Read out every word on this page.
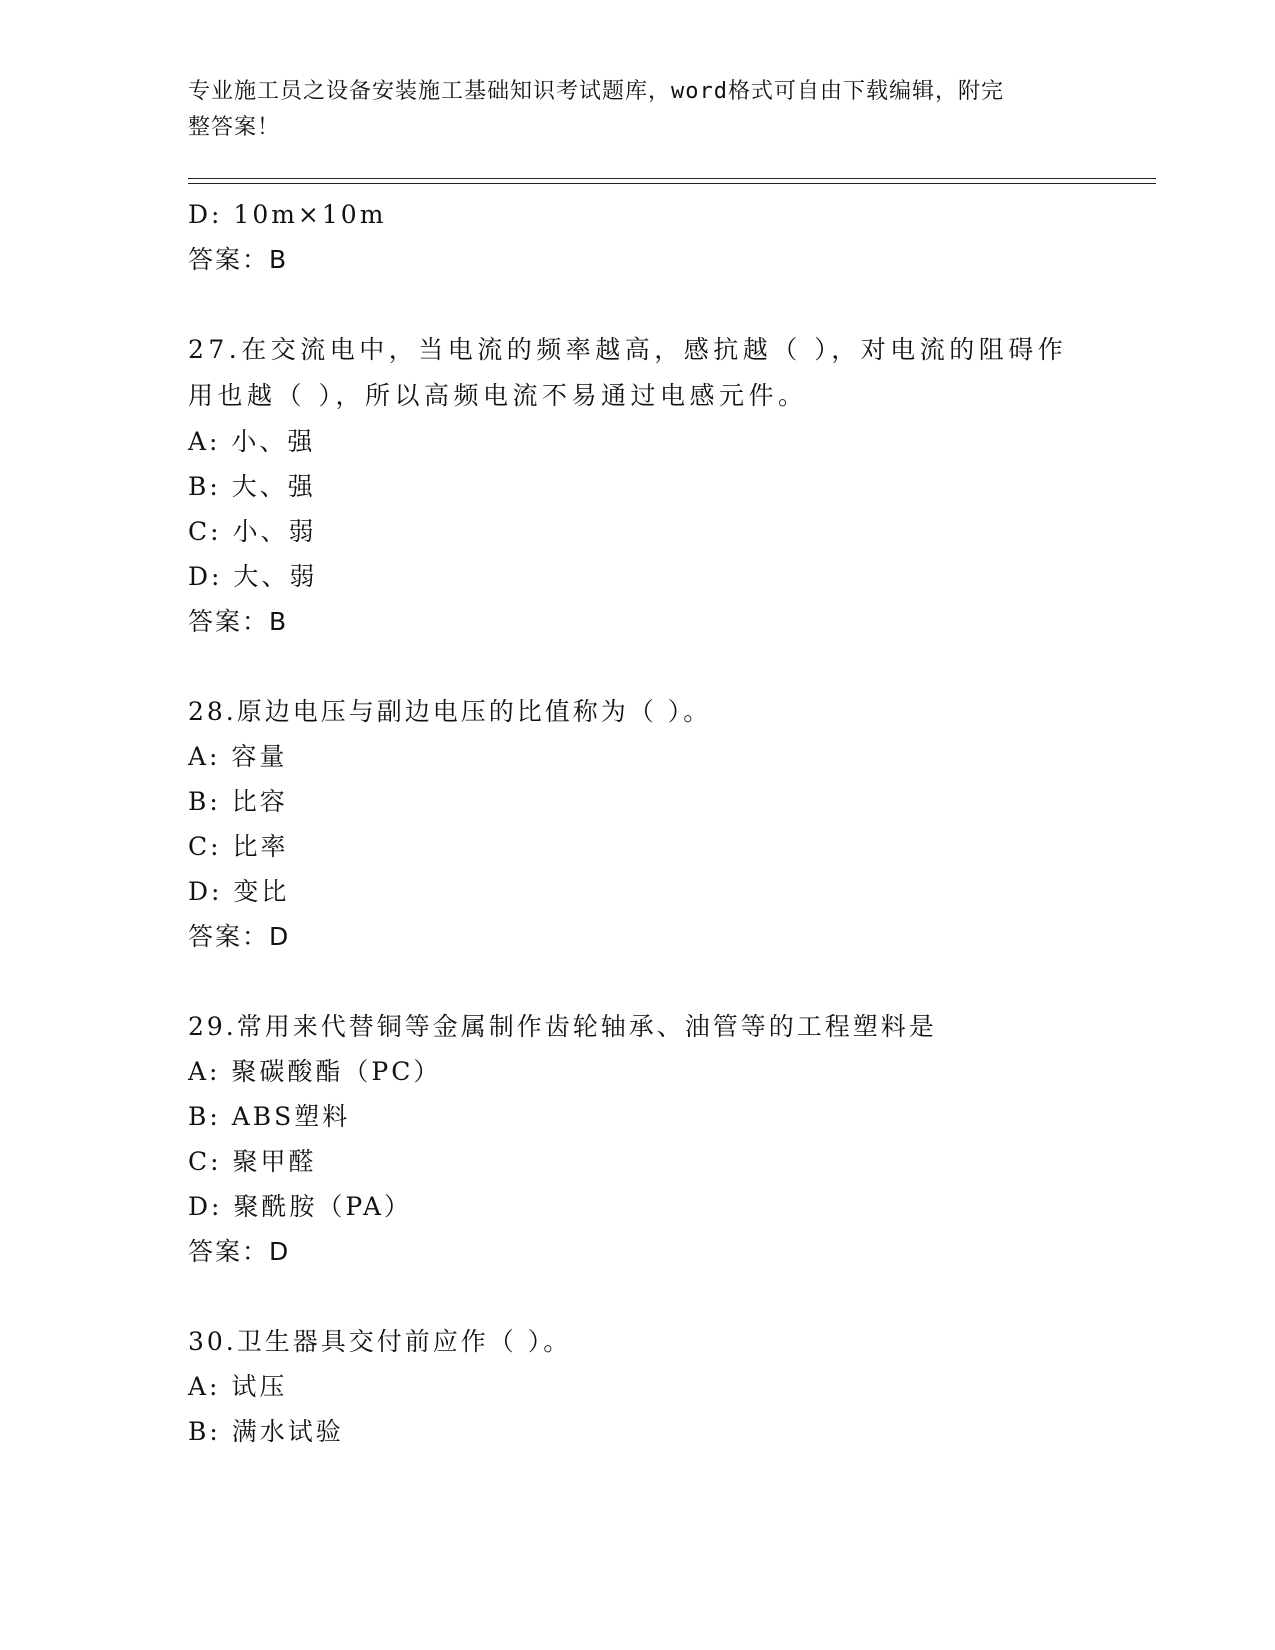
专业施工员之设备安装施工基础知识考试题库，word格式可自由下载编辑，附完
整答案！
D: 10m×10m
答案：B
27.在交流电中，当电流的频率越高，感抗越（ ），对电流的阻碍作
用也越（ ），所以高频电流不易通过电感元件。
A: 小、强
B: 大、强
C: 小、弱
D: 大、弱
答案：B
28.原边电压与副边电压的比值称为（ ）。
A: 容量
B: 比容
C: 比率
D: 变比
答案：D
29.常用来代替铜等金属制作齿轮轴承、油管等的工程塑料是
A: 聚碳酸酯（PC）
B: ABS塑料
C: 聚甲醛
D: 聚酰胺（PA）
答案：D
30.卫生器具交付前应作（ ）。
A: 试压
B: 满水试验
